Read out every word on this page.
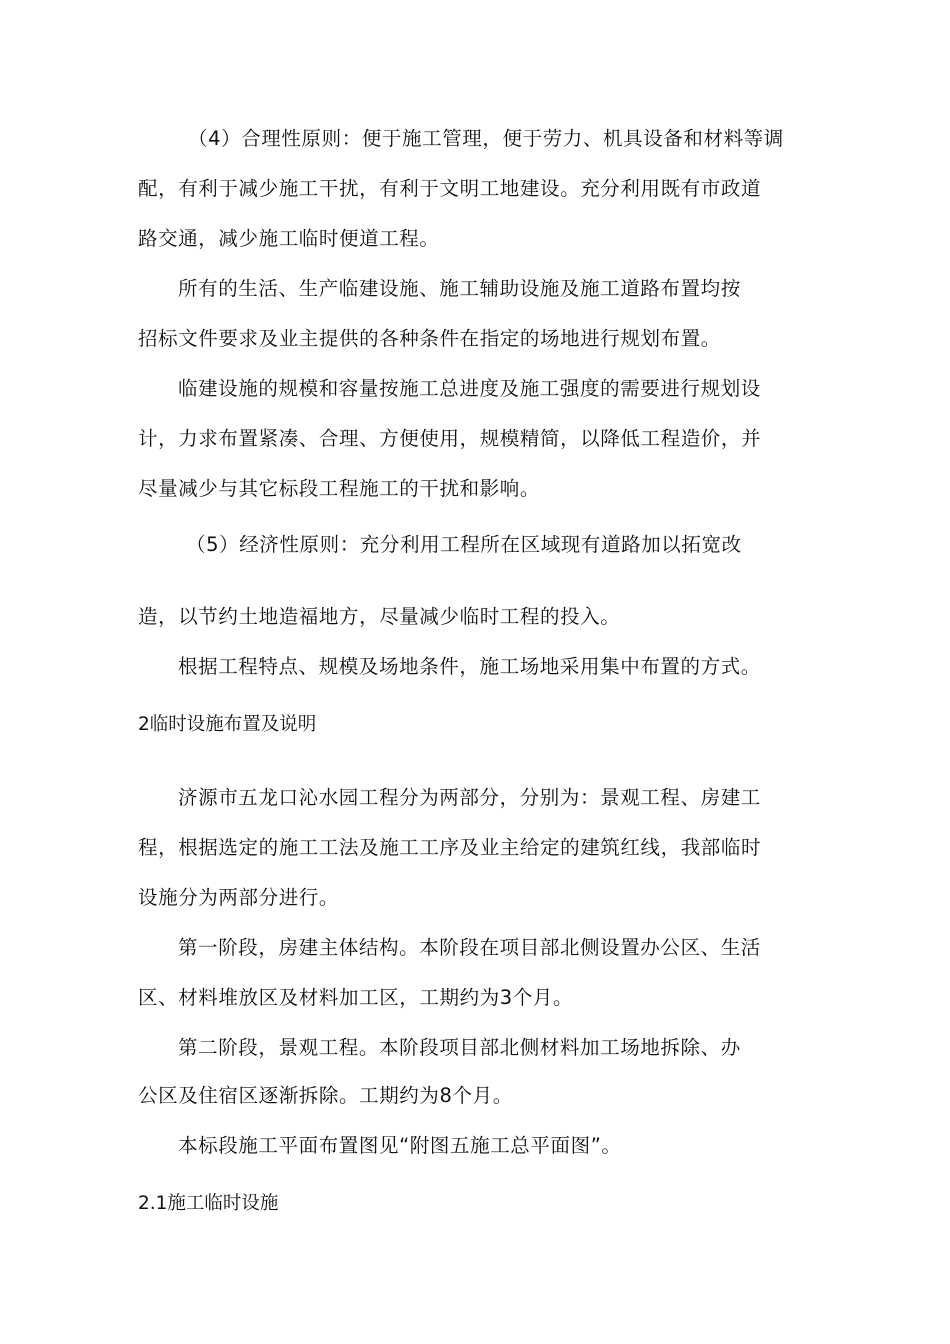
（4）合理性原则：便于施工管理，便于劳力、机具设备和材料等调
配，有利于减少施工干扰，有利于文明工地建设。充分利用既有市政道
路交通，减少施工临时便道工程。
所有的生活、生产临建设施、施工辅助设施及施工道路布置均按
招标文件要求及业主提供的各种条件在指定的场地进行规划布置。
临建设施的规模和容量按施工总进度及施工强度的需要进行规划设
计，力求布置紧凑、合理、方便使用，规模精简，以降低工程造价，并
尽量减少与其它标段工程施工的干扰和影响。
（5）经济性原则：充分利用工程所在区域现有道路加以拓宽改
造，以节约土地造福地方，尽量减少临时工程的投入。
根据工程特点、规模及场地条件，施工场地采用集中布置的方式。
2临时设施布置及说明
济源市五龙口沁水园工程分为两部分，分别为：景观工程、房建工
程，根据选定的施工工法及施工工序及业主给定的建筑红线，我部临时
设施分为两部分进行。
第一阶段，房建主体结构。本阶段在项目部北侧设置办公区、生活
区、材料堆放区及材料加工区，工期约为3个月。
第二阶段，景观工程。本阶段项目部北侧材料加工场地拆除、办
公区及住宿区逐渐拆除。工期约为8个月。
本标段施工平面布置图见“附图五施工总平面图”。
2.1施工临时设施
